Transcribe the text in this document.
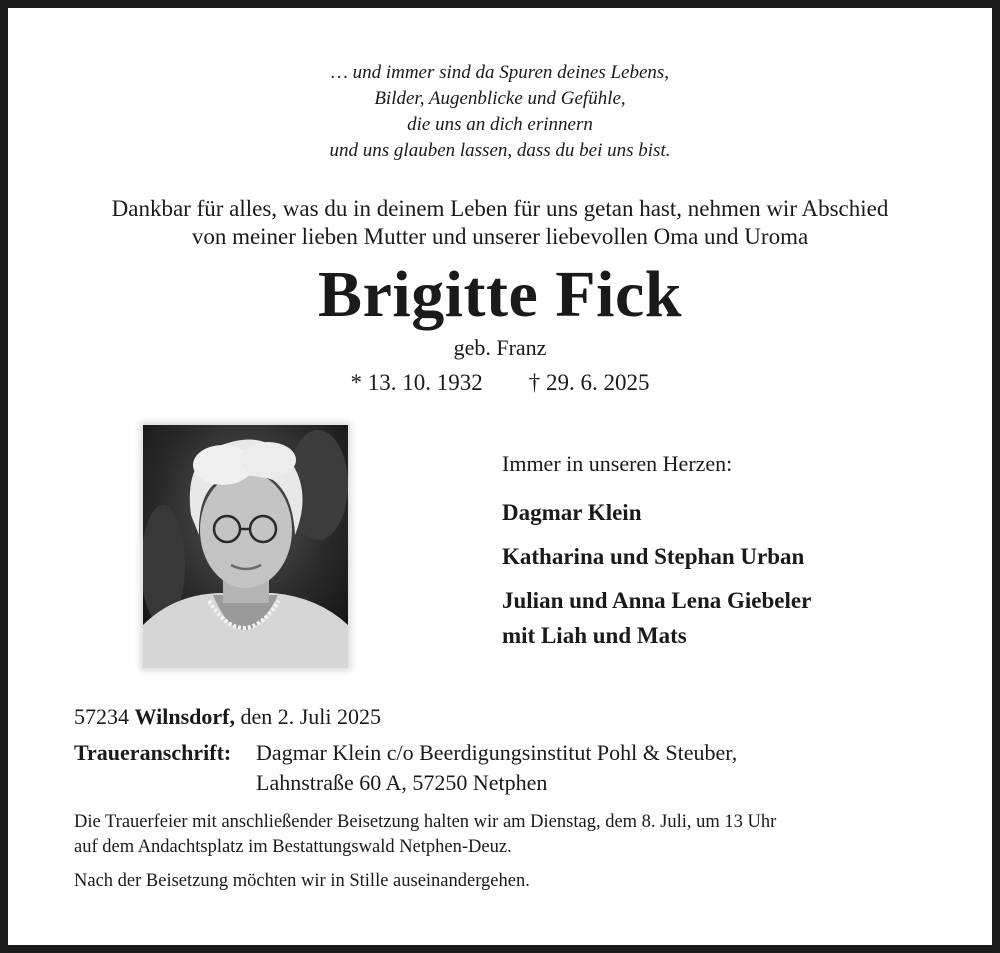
… und immer sind da Spuren deines Lebens,
Bilder, Augenblicke und Gefühle,
die uns an dich erinnern
und uns glauben lassen, dass du bei uns bist.
Dankbar für alles, was du in deinem Leben für uns getan hast, nehmen wir Abschied
von meiner lieben Mutter und unserer liebevollen Oma und Uroma
Brigitte Fick
geb. Franz
* 13. 10. 1932 † 29. 6. 2025
Immer in unseren Herzen:
Dagmar Klein
Katharina und Stephan Urban
Julian und Anna Lena Giebeler
mit Liah und Mats
57234 Wilnsdorf, den 2. Juli 2025
Traueranschrift: Dagmar Klein c/o Beerdigungsinstitut Pohl & Steuber,
Lahnstraße 60 A, 57250 Netphen
Die Trauerfeier mit anschließender Beisetzung halten wir am Dienstag, dem 8. Juli, um 13 Uhr
auf dem Andachtsplatz im Bestattungswald Netphen-Deuz.
Nach der Beisetzung möchten wir in Stille auseinandergehen.
